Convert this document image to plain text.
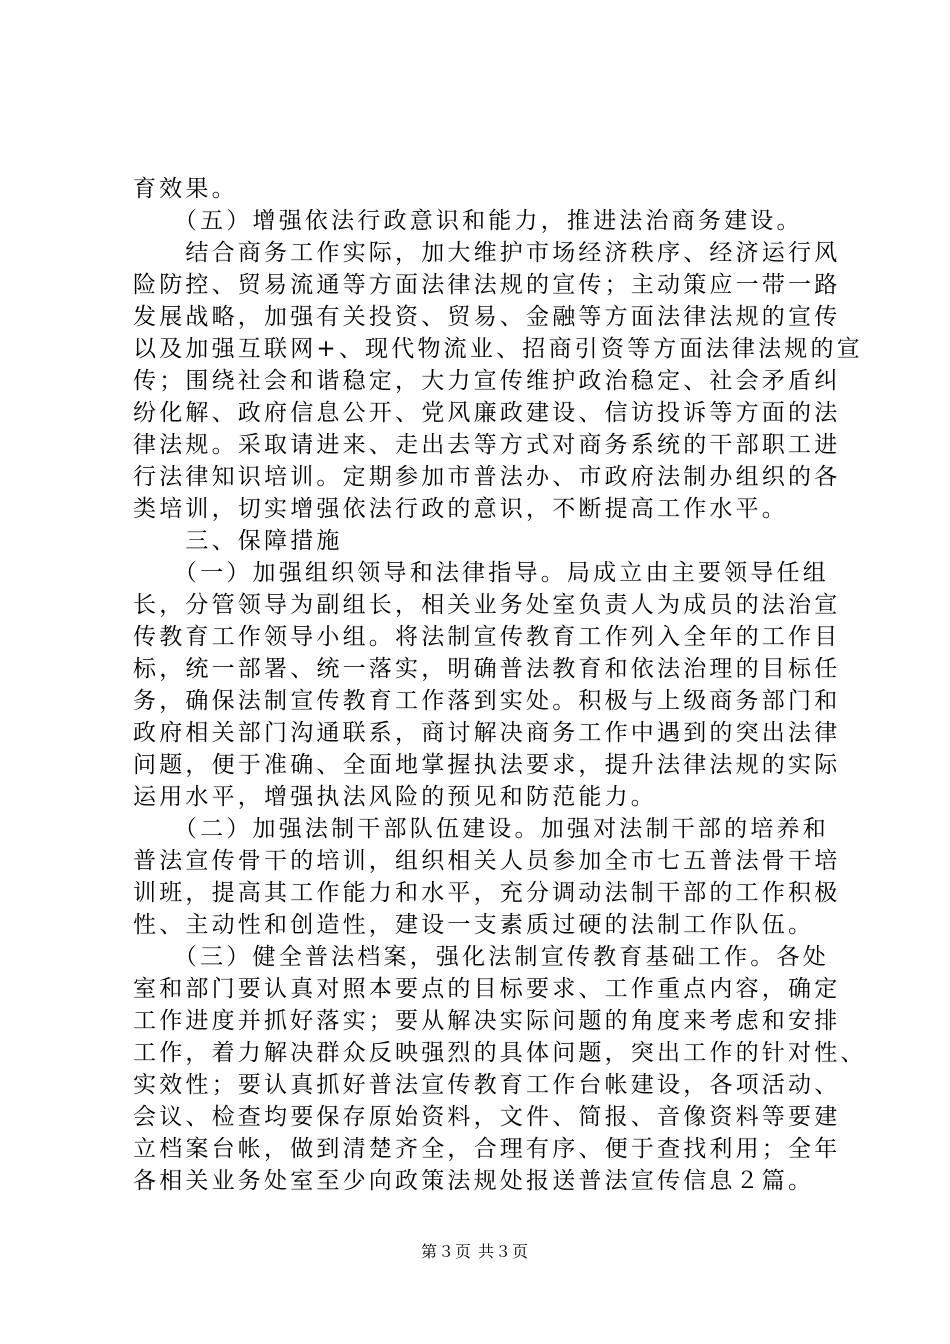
育效果。
　　（五）增强依法行政意识和能力，推进法治商务建设。
　　结合商务工作实际，加大维护市场经济秩序、经济运行风
险防控、贸易流通等方面法律法规的宣传；主动策应一带一路
发展战略，加强有关投资、贸易、金融等方面法律法规的宣传
以及加强互联网+、现代物流业、招商引资等方面法律法规的宣
传；围绕社会和谐稳定，大力宣传维护政治稳定、社会矛盾纠
纷化解、政府信息公开、党风廉政建设、信访投诉等方面的法
律法规。采取请进来、走出去等方式对商务系统的干部职工进
行法律知识培训。定期参加市普法办、市政府法制办组织的各
类培训，切实增强依法行政的意识，不断提高工作水平。
　　三、保障措施
　　（一）加强组织领导和法律指导。局成立由主要领导任组
长，分管领导为副组长，相关业务处室负责人为成员的法治宣
传教育工作领导小组。将法制宣传教育工作列入全年的工作目
标，统一部署、统一落实，明确普法教育和依法治理的目标任
务，确保法制宣传教育工作落到实处。积极与上级商务部门和
政府相关部门沟通联系，商讨解决商务工作中遇到的突出法律
问题，便于准确、全面地掌握执法要求，提升法律法规的实际
运用水平，增强执法风险的预见和防范能力。
　　（二）加强法制干部队伍建设。加强对法制干部的培养和
普法宣传骨干的培训，组织相关人员参加全市七五普法骨干培
训班，提高其工作能力和水平，充分调动法制干部的工作积极
性、主动性和创造性，建设一支素质过硬的法制工作队伍。
　　（三）健全普法档案，强化法制宣传教育基础工作。各处
室和部门要认真对照本要点的目标要求、工作重点内容，确定
工作进度并抓好落实；要从解决实际问题的角度来考虑和安排
工作，着力解决群众反映强烈的具体问题，突出工作的针对性、
实效性；要认真抓好普法宣传教育工作台帐建设，各项活动、
会议、检查均要保存原始资料，文件、简报、音像资料等要建
立档案台帐，做到清楚齐全，合理有序、便于查找利用；全年
各相关业务处室至少向政策法规处报送普法宣传信息２篇。
第３页 共３页
